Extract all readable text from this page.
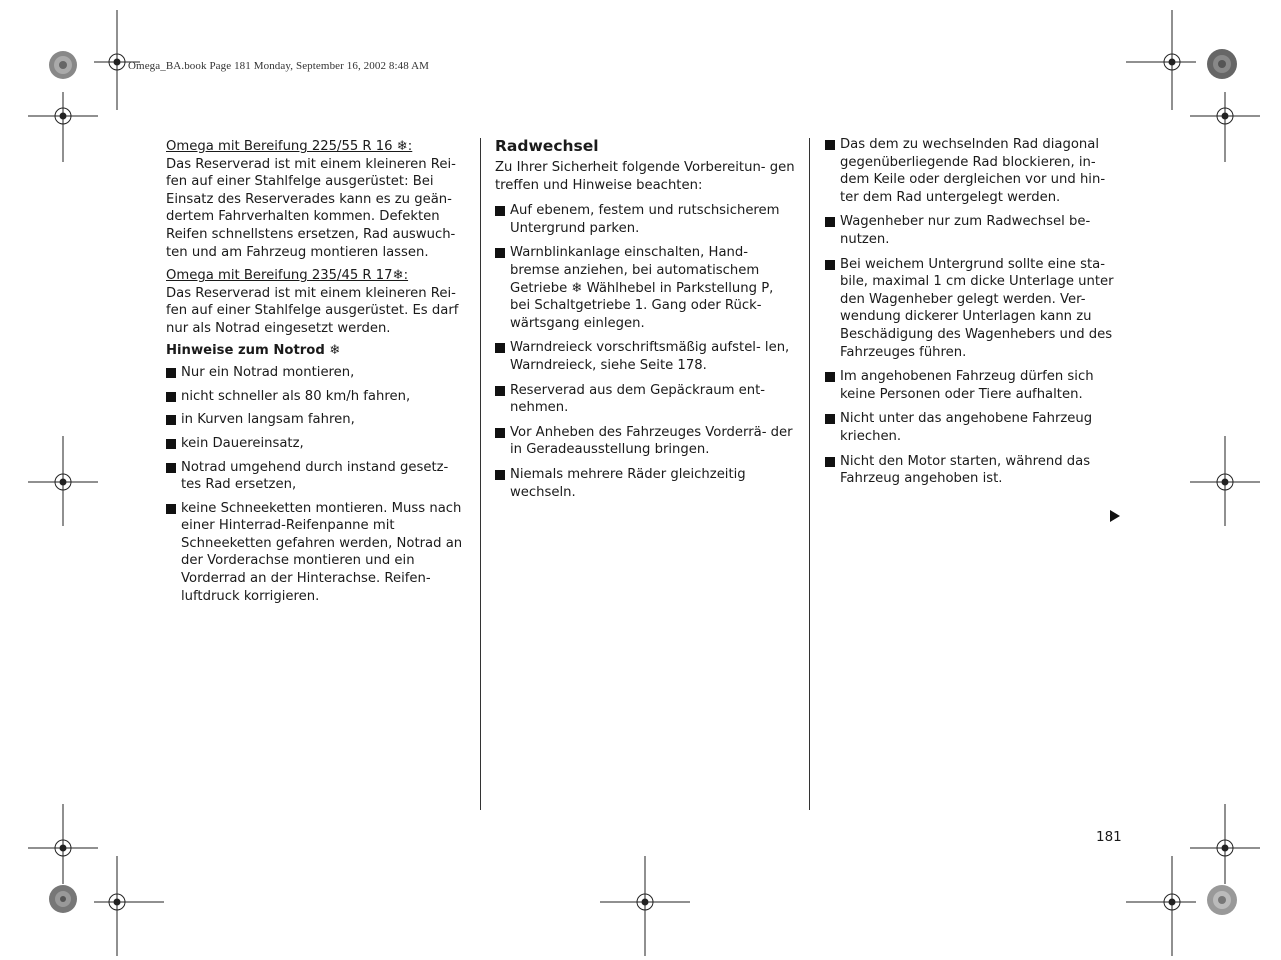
Omega_BA.book Page 181 Monday, September 16, 2002 8:48 AM

Omega mit Bereifung 225/55 R 16 ❄:

Das Reserverad ist mit einem kleineren Rei- fen auf einer Stahlfelge ausgerüstet: Bei Einsatz des Reserverades kann es zu geän- dertem Fahrverhalten kommen. Defekten Reifen schnellstens ersetzen, Rad auswuch- ten und am Fahrzeug montieren lassen.

Omega mit Bereifung 235/45 R 17❄:

Das Reserverad ist mit einem kleineren Rei- fen auf einer Stahlfelge ausgerüstet. Es darf nur als Notrad eingesetzt werden.

Hinweise zum Notrod ❄

Nur ein Notrad montieren,
nicht schneller als 80 km/h fahren,
in Kurven langsam fahren,
kein Dauereinsatz,
Notrad umgehend durch instand gesetz- tes Rad ersetzen,
keine Schneeketten montieren. Muss nach einer Hinterrad-Reifenpanne mit Schneeketten gefahren werden, Notrad an der Vorderachse montieren und ein Vorderrad an der Hinterachse. Reifen- luftdruck korrigieren.

Radwechsel

Zu Ihrer Sicherheit folgende Vorbereitun- gen treffen und Hinweise beachten:

Auf ebenem, festem und rutschsicherem Untergrund parken.
Warnblinkanlage einschalten, Hand- bremse anziehen, bei automatischem Getriebe ❄ Wählhebel in Parkstellung P, bei Schaltgetriebe 1. Gang oder Rück- wärtsgang einlegen.
Warndreieck vorschriftsmäßig aufstel- len, Warndreieck, siehe Seite 178.
Reserverad aus dem Gepäckraum ent- nehmen.
Vor Anheben des Fahrzeuges Vorderrä- der in Geradeausstellung bringen.
Niemals mehrere Räder gleichzeitig wechseln.
Das dem zu wechselnden Rad diagonal gegenüberliegende Rad blockieren, in- dem Keile oder dergleichen vor und hin- ter dem Rad untergelegt werden.
Wagenheber nur zum Radwechsel be- nutzen.
Bei weichem Untergrund sollte eine sta- bile, maximal 1 cm dicke Unterlage unter den Wagenheber gelegt werden. Ver- wendung dickerer Unterlagen kann zu Beschädigung des Wagenhebers und des Fahrzeuges führen.
Im angehobenen Fahrzeug dürfen sich keine Personen oder Tiere aufhalten.
Nicht unter das angehobene Fahrzeug kriechen.
Nicht den Motor starten, während das Fahrzeug angehoben ist.
181
